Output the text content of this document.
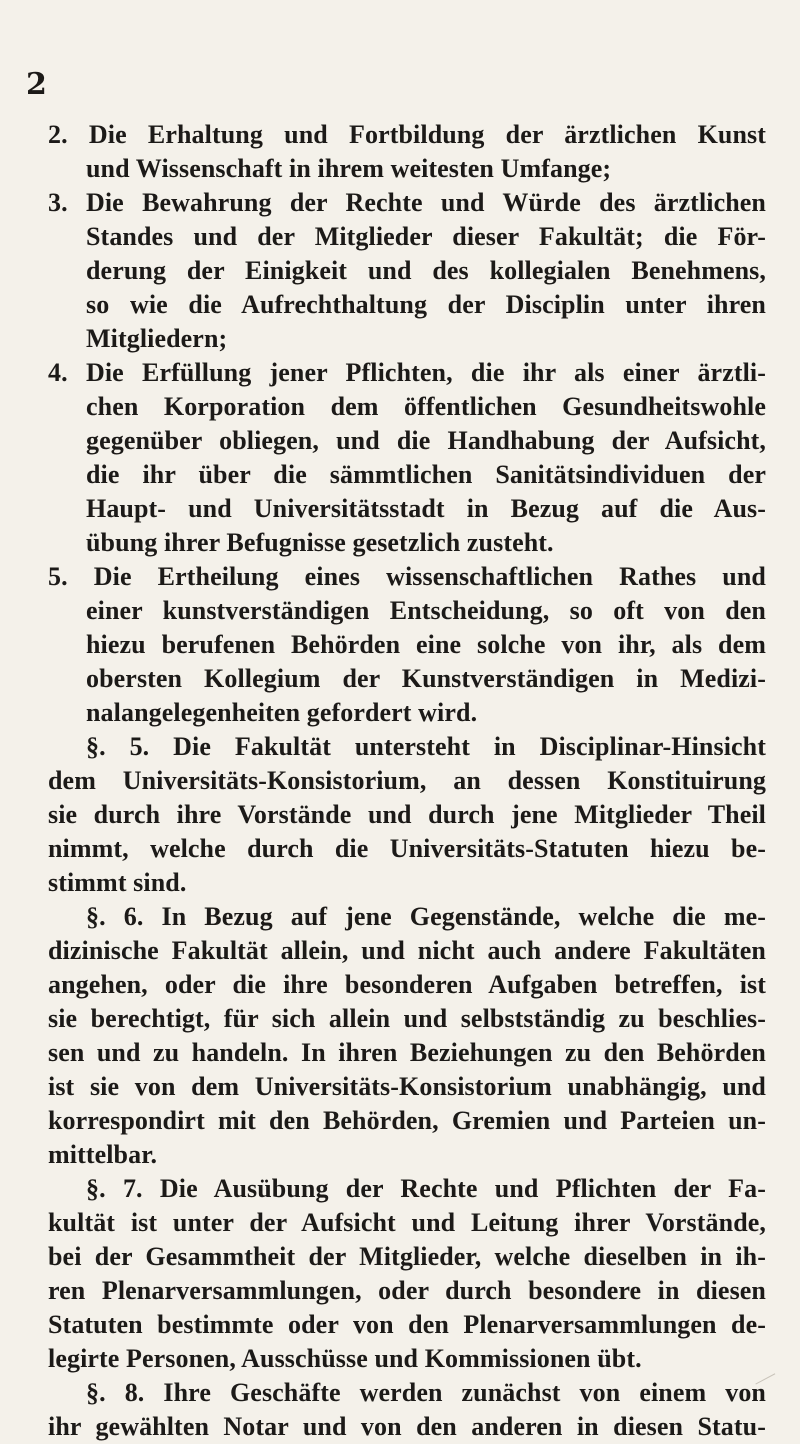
2
2. Die Erhaltung und Fortbildung der ärztlichen Kunst
und Wissenschaft in ihrem weitesten Umfange;
3. Die Bewahrung der Rechte und Würde des ärztlichen
Standes und der Mitglieder dieser Fakultät; die För-
derung der Einigkeit und des kollegialen Benehmens,
so wie die Aufrechthaltung der Disciplin unter ihren
Mitgliedern;
4. Die Erfüllung jener Pflichten, die ihr als einer ärztli-
chen Korporation dem öffentlichen Gesundheitswohle
gegenüber obliegen, und die Handhabung der Aufsicht,
die ihr über die sämmtlichen Sanitätsindividuen der
Haupt- und Universitätsstadt in Bezug auf die Aus-
übung ihrer Befugnisse gesetzlich zusteht.
5. Die Ertheilung eines wissenschaftlichen Rathes und
einer kunstverständigen Entscheidung, so oft von den
hiezu berufenen Behörden eine solche von ihr, als dem
obersten Kollegium der Kunstverständigen in Medizi-
nalangelegenheiten gefordert wird.
§. 5. Die Fakultät untersteht in Disciplinar-Hinsicht
dem Universitäts-Konsistorium, an dessen Konstituirung
sie durch ihre Vorstände und durch jene Mitglieder Theil
nimmt, welche durch die Universitäts-Statuten hiezu be-
stimmt sind.
§. 6. In Bezug auf jene Gegenstände, welche die me-
dizinische Fakultät allein, und nicht auch andere Fakultäten
angehen, oder die ihre besonderen Aufgaben betreffen, ist
sie berechtigt, für sich allein und selbstständig zu beschlies-
sen und zu handeln. In ihren Beziehungen zu den Behörden
ist sie von dem Universitäts-Konsistorium unabhängig, und
korrespondirt mit den Behörden, Gremien und Parteien un-
mittelbar.
§. 7. Die Ausübung der Rechte und Pflichten der Fa-
kultät ist unter der Aufsicht und Leitung ihrer Vorstände,
bei der Gesammtheit der Mitglieder, welche dieselben in ih-
ren Plenarversammlungen, oder durch besondere in diesen
Statuten bestimmte oder von den Plenarversammlungen de-
legirte Personen, Ausschüsse und Kommissionen übt.
§. 8. Ihre Geschäfte werden zunächst von einem von
ihr gewählten Notar und von den anderen in diesen Statu-
